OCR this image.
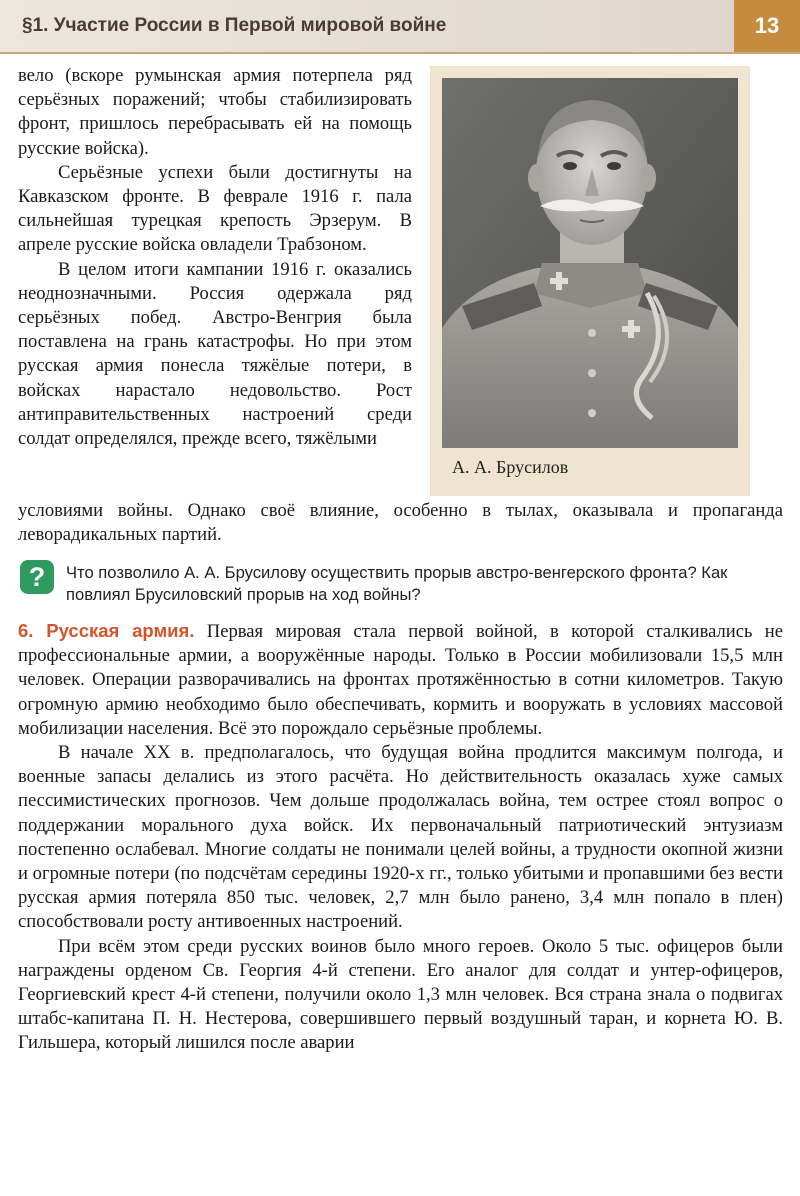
§1. Участие России в Первой мировой войне	13

вело (вскоре румынская армия потерпела ряд серьёзных поражений; чтобы стабилизировать фронт, пришлось перебрасывать ей на помощь русские войска).

Серьёзные успехи были достигнуты на Кавказском фронте. В феврале 1916 г. пала сильнейшая турецкая крепость Эрзерум. В апреле русские войска овладели Трабзоном.

В целом итоги кампании 1916 г. оказались неоднозначными. Россия одержала ряд серьёзных побед. Австро-Венгрия была поставлена на грань катастрофы. Но при этом русская армия понесла тяжёлые потери, в войсках нарастало недовольство. Рост антиправительственных настроений среди солдат определялся, прежде всего, тяжёлыми

А. А. Брусилов

условиями войны. Однако своё влияние, особенно в тылах, оказывала и пропаганда леворадикальных партий.

?	Что позволило А. А. Брусилову осуществить прорыв австро-венгерского фронта? Как повлиял Брусиловский прорыв на ход войны?

6. Русская армия. Первая мировая стала первой войной, в которой сталкивались не профессиональные армии, а вооружённые народы. Только в России мобилизовали 15,5 млн человек. Операции разворачивались на фронтах протяжённостью в сотни километров. Такую огромную армию необходимо было обеспечивать, кормить и вооружать в условиях массовой мобилизации населения. Всё это порождало серьёзные проблемы.

В начале XX в. предполагалось, что будущая война продлится максимум полгода, и военные запасы делались из этого расчёта. Но действительность оказалась хуже самых пессимистических прогнозов. Чем дольше продолжалась война, тем острее стоял вопрос о поддержании морального духа войск. Их первоначальный патриотический энтузиазм постепенно ослабевал. Многие солдаты не понимали целей войны, а трудности окопной жизни и огромные потери (по подсчётам середины 1920-х гг., только убитыми и пропавшими без вести русская армия потеряла 850 тыс. человек, 2,7 млн было ранено, 3,4 млн попало в плен) способствовали росту антивоенных настроений.

При всём этом среди русских воинов было много героев. Около 5 тыс. офицеров были награждены орденом Св. Георгия 4-й степени. Его аналог для солдат и унтер-офицеров, Георгиевский крест 4-й степени, получили около 1,3 млн человек. Вся страна знала о подвигах штабс-капитана П. Н. Нестерова, совершившего первый воздушный таран, и корнета Ю. В. Гильшера, который лишился после аварии
